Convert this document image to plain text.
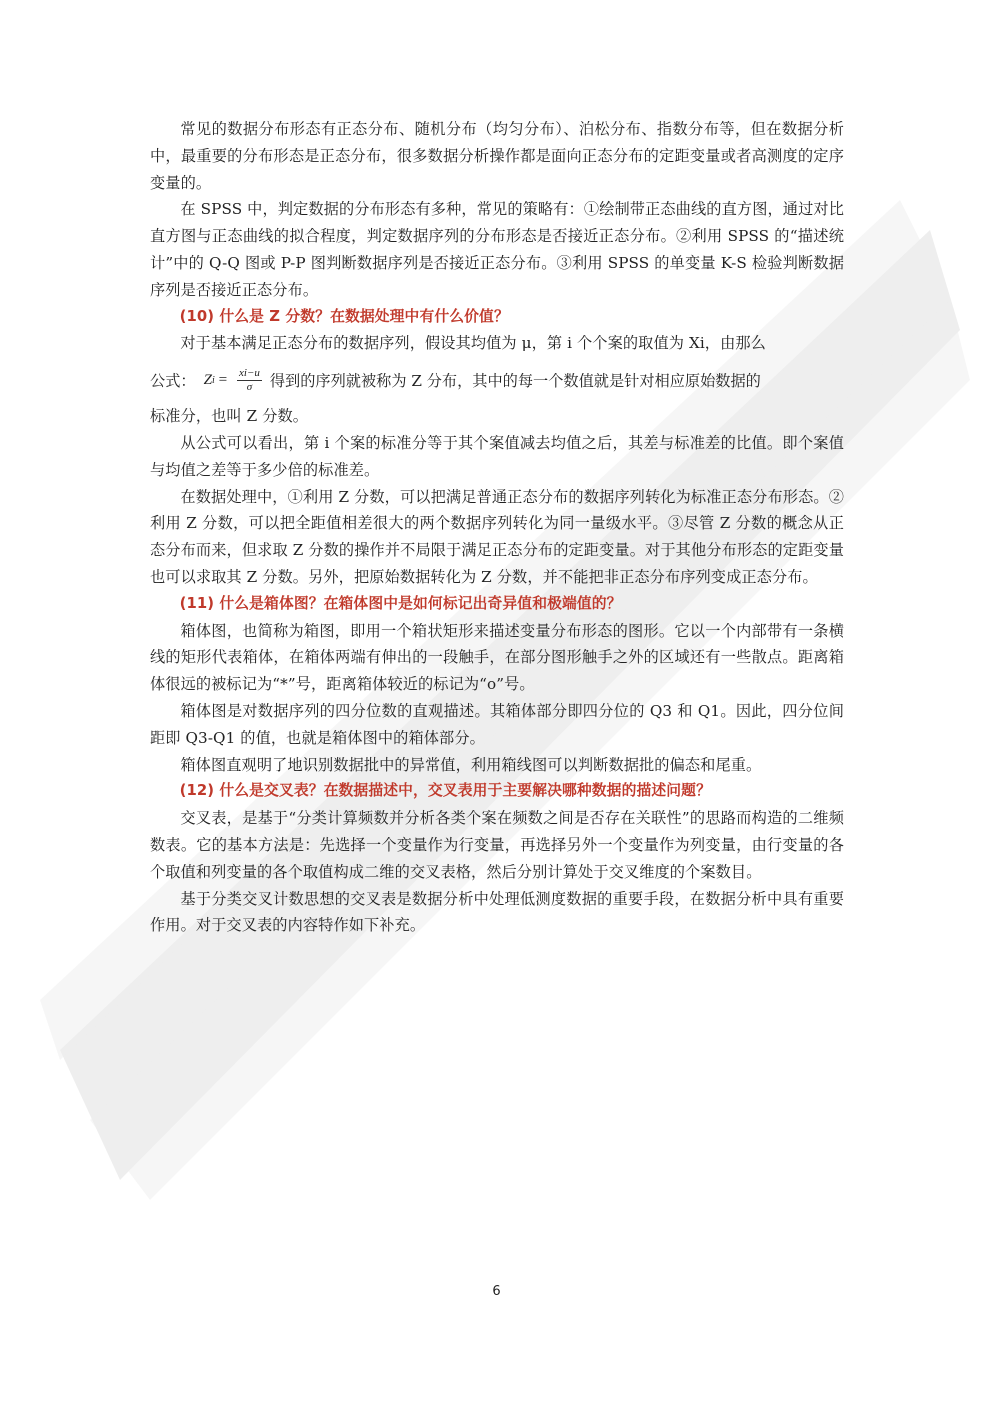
常见的数据分布形态有正态分布、随机分布（均匀分布）、泊松分布、指数分布等，但在数据分析中，最重要的分布形态是正态分布，很多数据分析操作都是面向正态分布的定距变量或者高测度的定序变量的。

在 SPSS 中，判定数据的分布形态有多种，常见的策略有：①绘制带正态曲线的直方图，通过对比直方图与正态曲线的拟合程度，判定数据序列的分布形态是否接近正态分布。②利用 SPSS 的“描述统计”中的 Q-Q 图或 P-P 图判断数据序列是否接近正态分布。③利用 SPSS 的单变量 K-S 检验判断数据序列是否接近正态分布。

(10) 什么是 Z 分数？在数据处理中有什么价值？

对于基本满足正态分布的数据序列，假设其均值为 μ，第 i 个个案的取值为 Xi，由那么

公式： Z $i = \frac{xi-u}{\sigma}$ 得到的序列就被称为 Z 分布，其中的每一个数值就是针对相应原始数据的

标准分，也叫 Z 分数。

从公式可以看出，第 i 个案的标准分等于其个案值减去均值之后，其差与标准差的比值。即个案值与均值之差等于多少倍的标准差。

在数据处理中，①利用 Z 分数，可以把满足普通正态分布的数据序列转化为标准正态分布形态。②利用 Z 分数，可以把全距值相差很大的两个数据序列转化为同一量级水平。③尽管 Z 分数的概念从正态分布而来，但求取 Z 分数的操作并不局限于满足正态分布的定距变量。对于其他分布形态的定距变量也可以求取其 Z 分数。另外，把原始数据转化为 Z 分数，并不能把非正态分布序列变成正态分布。

(11) 什么是箱体图？在箱体图中是如何标记出奇异值和极端值的？

箱体图，也简称为箱图，即用一个箱状矩形来描述变量分布形态的图形。它以一个内部带有一条横线的矩形代表箱体，在箱体两端有伸出的一段触手，在部分图形触手之外的区域还有一些散点。距离箱体很远的被标记为“*”号，距离箱体较近的标记为“o”号。

箱体图是对数据序列的四分位数的直观描述。其箱体部分即四分位的 Q3 和 Q1。因此，四分位间距即 Q3-Q1 的值，也就是箱体图中的箱体部分。

箱体图直观明了地识别数据批中的异常值，利用箱线图可以判断数据批的偏态和尾重。

(12) 什么是交叉表？在数据描述中，交叉表用于主要解决哪种数据的描述问题？

交叉表，是基于“分类计算频数并分析各类个案在频数之间是否存在关联性”的思路而构造的二维频数表。它的基本方法是：先选择一个变量作为行变量，再选择另外一个变量作为列变量，由行变量的各个取值和列变量的各个取值构成二维的交叉表格，然后分别计算处于交叉维度的个案数目。

基于分类交叉计数思想的交叉表是数据分析中处理低测度数据的重要手段，在数据分析中具有重要作用。对于交叉表的内容特作如下补充。

6
